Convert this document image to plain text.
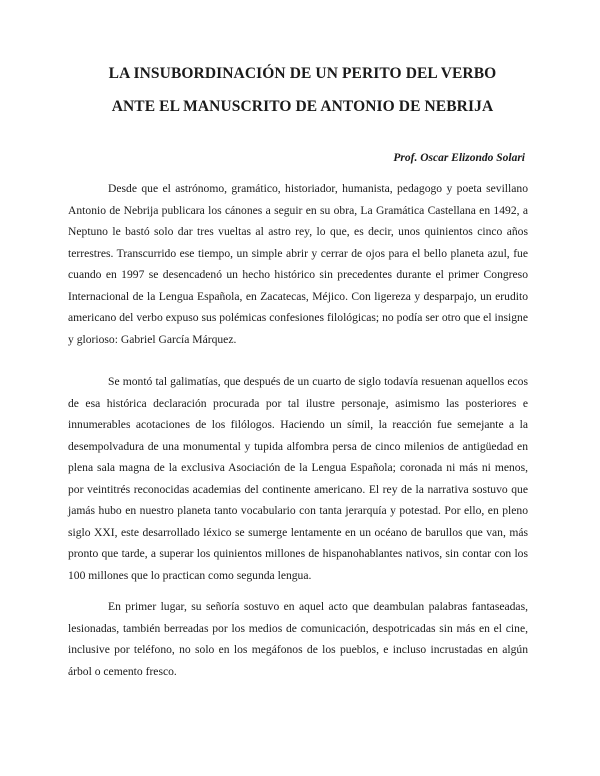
LA INSUBORDINACIÓN DE UN PERITO DEL VERBO
ANTE EL MANUSCRITO DE ANTONIO DE NEBRIJA

Prof. Oscar Elizondo Solari

Desde que el astrónomo, gramático, historiador, humanista, pedagogo y poeta sevillano Antonio de Nebrija publicara los cánones a seguir en su obra, La Gramática Castellana en 1492, a Neptuno le bastó solo dar tres vueltas al astro rey, lo que, es decir, unos quinientos cinco años terrestres. Transcurrido ese tiempo, un simple abrir y cerrar de ojos para el bello planeta azul, fue cuando en 1997 se desencadenó un hecho histórico sin precedentes durante el primer Congreso Internacional de la Lengua Española, en Zacatecas, Méjico. Con ligereza y desparpajo, un erudito americano del verbo expuso sus polémicas confesiones filológicas; no podía ser otro que el insigne y glorioso: Gabriel García Márquez.

Se montó tal galimatías, que después de un cuarto de siglo todavía resuenan aquellos ecos de esa histórica declaración procurada por tal ilustre personaje, asimismo las posteriores e innumerables acotaciones de los filólogos. Haciendo un símil, la reacción fue semejante a la desempolvadura de una monumental y tupida alfombra persa de cinco milenios de antigüedad en plena sala magna de la exclusiva Asociación de la Lengua Española; coronada ni más ni menos, por veintitrés reconocidas academias del continente americano. El rey de la narrativa sostuvo que jamás hubo en nuestro planeta tanto vocabulario con tanta jerarquía y potestad. Por ello, en pleno siglo XXI, este desarrollado léxico se sumerge lentamente en un océano de barullos que van, más pronto que tarde, a superar los quinientos millones de hispanohablantes nativos, sin contar con los 100 millones que lo practican como segunda lengua.

En primer lugar, su señoría sostuvo en aquel acto que deambulan palabras fantaseadas, lesionadas, también berreadas por los medios de comunicación, despotricadas sin más en el cine, inclusive por teléfono, no solo en los megáfonos de los pueblos, e incluso incrustadas en algún árbol o cemento fresco.
